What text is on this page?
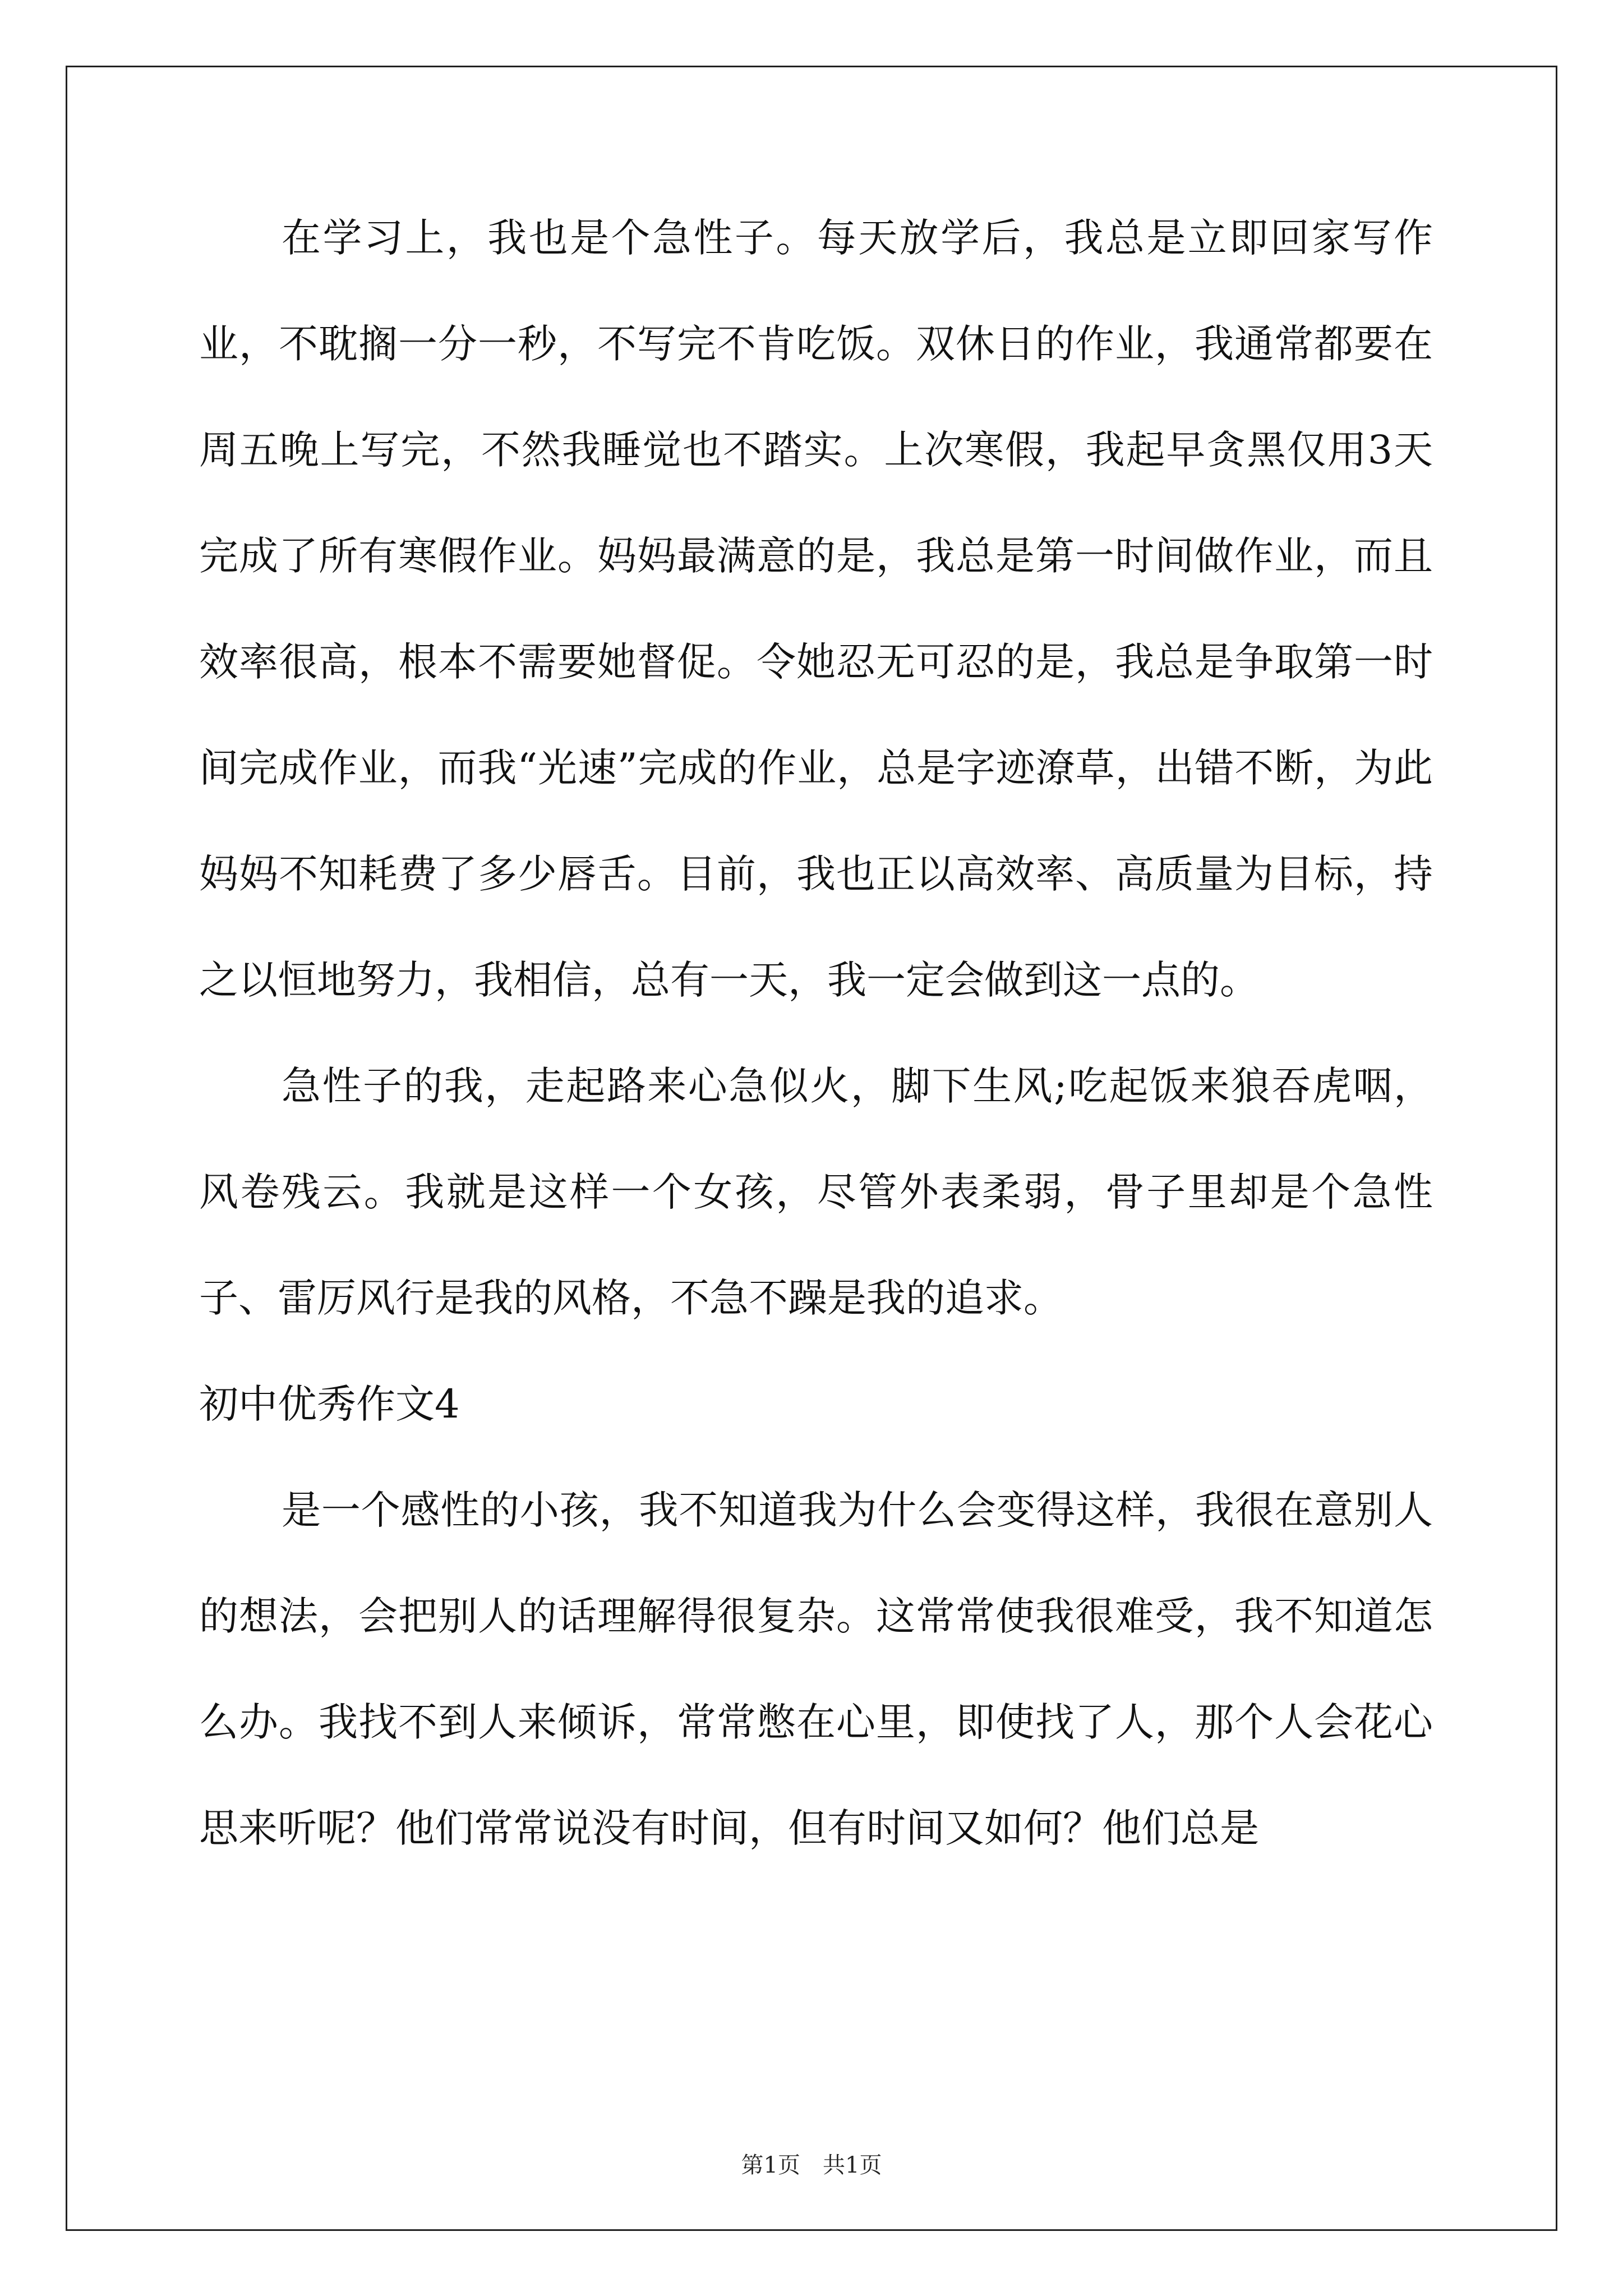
在学习上，我也是个急性子。每天放学后，我总是立即回家写作业，不耽搁一分一秒，不写完不肯吃饭。双休日的作业，我通常都要在周五晚上写完，不然我睡觉也不踏实。上次寒假，我起早贪黑仅用3天完成了所有寒假作业。妈妈最满意的是，我总是第一时间做作业，而且效率很高，根本不需要她督促。令她忍无可忍的是，我总是争取第一时间完成作业，而我“光速”完成的作业，总是字迹潦草，出错不断，为此妈妈不知耗费了多少唇舌。目前，我也正以高效率、高质量为目标，持之以恒地努力，我相信，总有一天，我一定会做到这一点的。

急性子的我，走起路来心急似火，脚下生风;吃起饭来狼吞虎咽，风卷残云。我就是这样一个女孩，尽管外表柔弱，骨子里却是个急性子、雷厉风行是我的风格，不急不躁是我的追求。

初中优秀作文4

是一个感性的小孩，我不知道我为什么会变得这样，我很在意别人的想法，会把别人的话理解得很复杂。这常常使我很难受，我不知道怎么办。我找不到人来倾诉，常常憋在心里，即使找了人，那个人会花心思来听呢？他们常常说没有时间，但有时间又如何？他们总是

第1页　共1页
